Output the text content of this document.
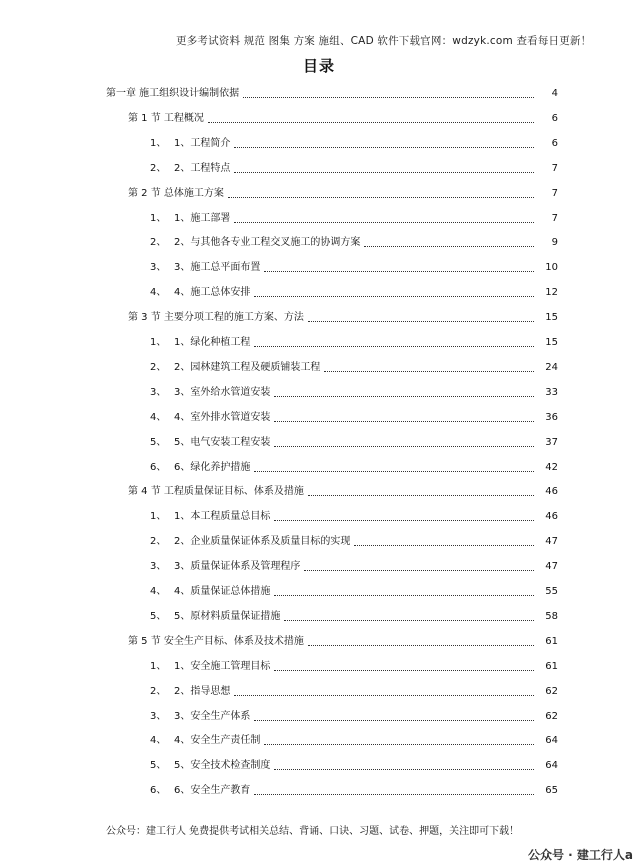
更多考试资料 规范 图集 方案 施组、CAD 软件下载官网：wdzyk.com 查看每日更新！
目录
第一章 施工组织设计编制依据	4
第 1 节 工程概况	6
1、 1、工程简介	6
2、 2、工程特点	7
第 2 节 总体施工方案	7
1、 1、施工部署	7
2、 2、与其他各专业工程交叉施工的协调方案	9
3、 3、施工总平面布置	10
4、 4、施工总体安排	12
第 3 节 主要分项工程的施工方案、方法	15
1、 1、绿化种植工程	15
2、 2、园林建筑工程及硬质铺装工程	24
3、 3、室外给水管道安装	33
4、 4、室外排水管道安装	36
5、 5、电气安装工程安装	37
6、 6、绿化养护措施	42
第 4 节 工程质量保证目标、体系及措施	46
1、 1、本工程质量总目标	46
2、 2、企业质量保证体系及质量目标的实现	47
3、 3、质量保证体系及管理程序	47
4、 4、质量保证总体措施	55
5、 5、原材料质量保证措施	58
第 5 节 安全生产目标、体系及技术措施	61
1、 1、安全施工管理目标	61
2、 2、指导思想	62
3、 3、安全生产体系	62
4、 4、安全生产责任制	64
5、 5、安全技术检查制度	64
6、 6、安全生产教育	65
公众号：建工行人 免费提供考试相关总结、背诵、口诀、习题、试卷、押题，关注即可下载！
公众号 · 建工行人a
